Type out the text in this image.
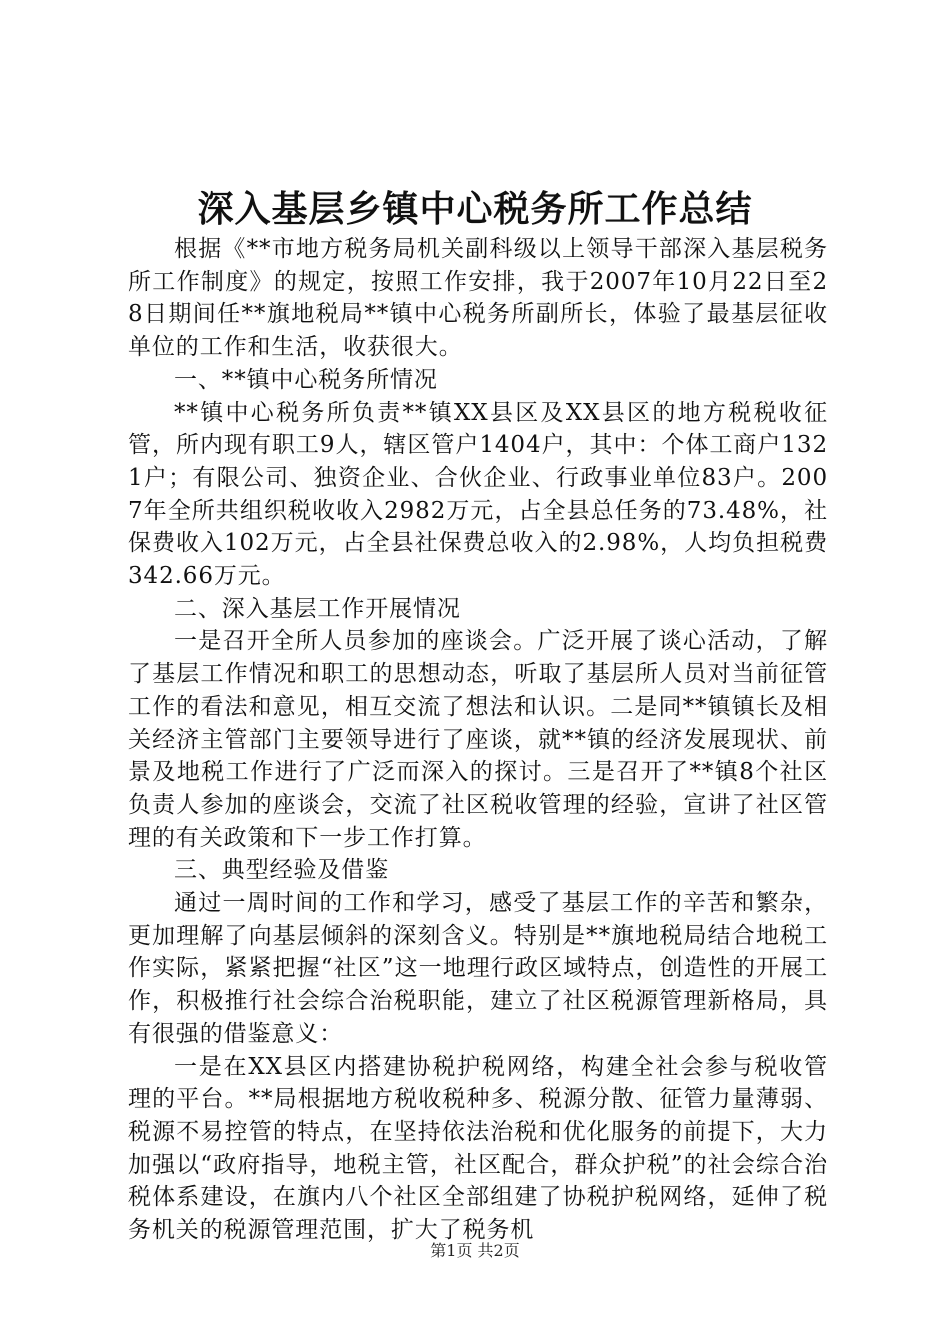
深入基层乡镇中心税务所工作总结

根据《**市地方税务局机关副科级以上领导干部深入基层税务所工作制度》的规定，按照工作安排，我于2007年10月22日至28日期间任**旗地税局**镇中心税务所副所长，体验了最基层征收单位的工作和生活，收获很大。

一、**镇中心税务所情况

**镇中心税务所负责**镇XX县区及XX县区的地方税税收征管，所内现有职工9人，辖区管户1404户，其中：个体工商户1321户；有限公司、独资企业、合伙企业、行政事业单位83户。2007年全所共组织税收收入2982万元，占全县总任务的73.48%，社保费收入102万元，占全县社保费总收入的2.98%，人均负担税费342.66万元。

二、深入基层工作开展情况

一是召开全所人员参加的座谈会。广泛开展了谈心活动，了解了基层工作情况和职工的思想动态，听取了基层所人员对当前征管工作的看法和意见，相互交流了想法和认识。二是同**镇镇长及相关经济主管部门主要领导进行了座谈，就**镇的经济发展现状、前景及地税工作进行了广泛而深入的探讨。三是召开了**镇8个社区负责人参加的座谈会，交流了社区税收管理的经验，宣讲了社区管理的有关政策和下一步工作打算。

三、典型经验及借鉴

通过一周时间的工作和学习，感受了基层工作的辛苦和繁杂，更加理解了向基层倾斜的深刻含义。特别是**旗地税局结合地税工作实际，紧紧把握“社区”这一地理行政区域特点，创造性的开展工作，积极推行社会综合治税职能，建立了社区税源管理新格局，具有很强的借鉴意义：

一是在XX县区内搭建协税护税网络，构建全社会参与税收管理的平台。**局根据地方税收税种多、税源分散、征管力量薄弱、税源不易控管的特点，在坚持依法治税和优化服务的前提下，大力加强以“政府指导，地税主管，社区配合，群众护税”的社会综合治税体系建设，在旗内八个社区全部组建了协税护税网络，延伸了税务机关的税源管理范围，扩大了税务机

第1页 共2页
